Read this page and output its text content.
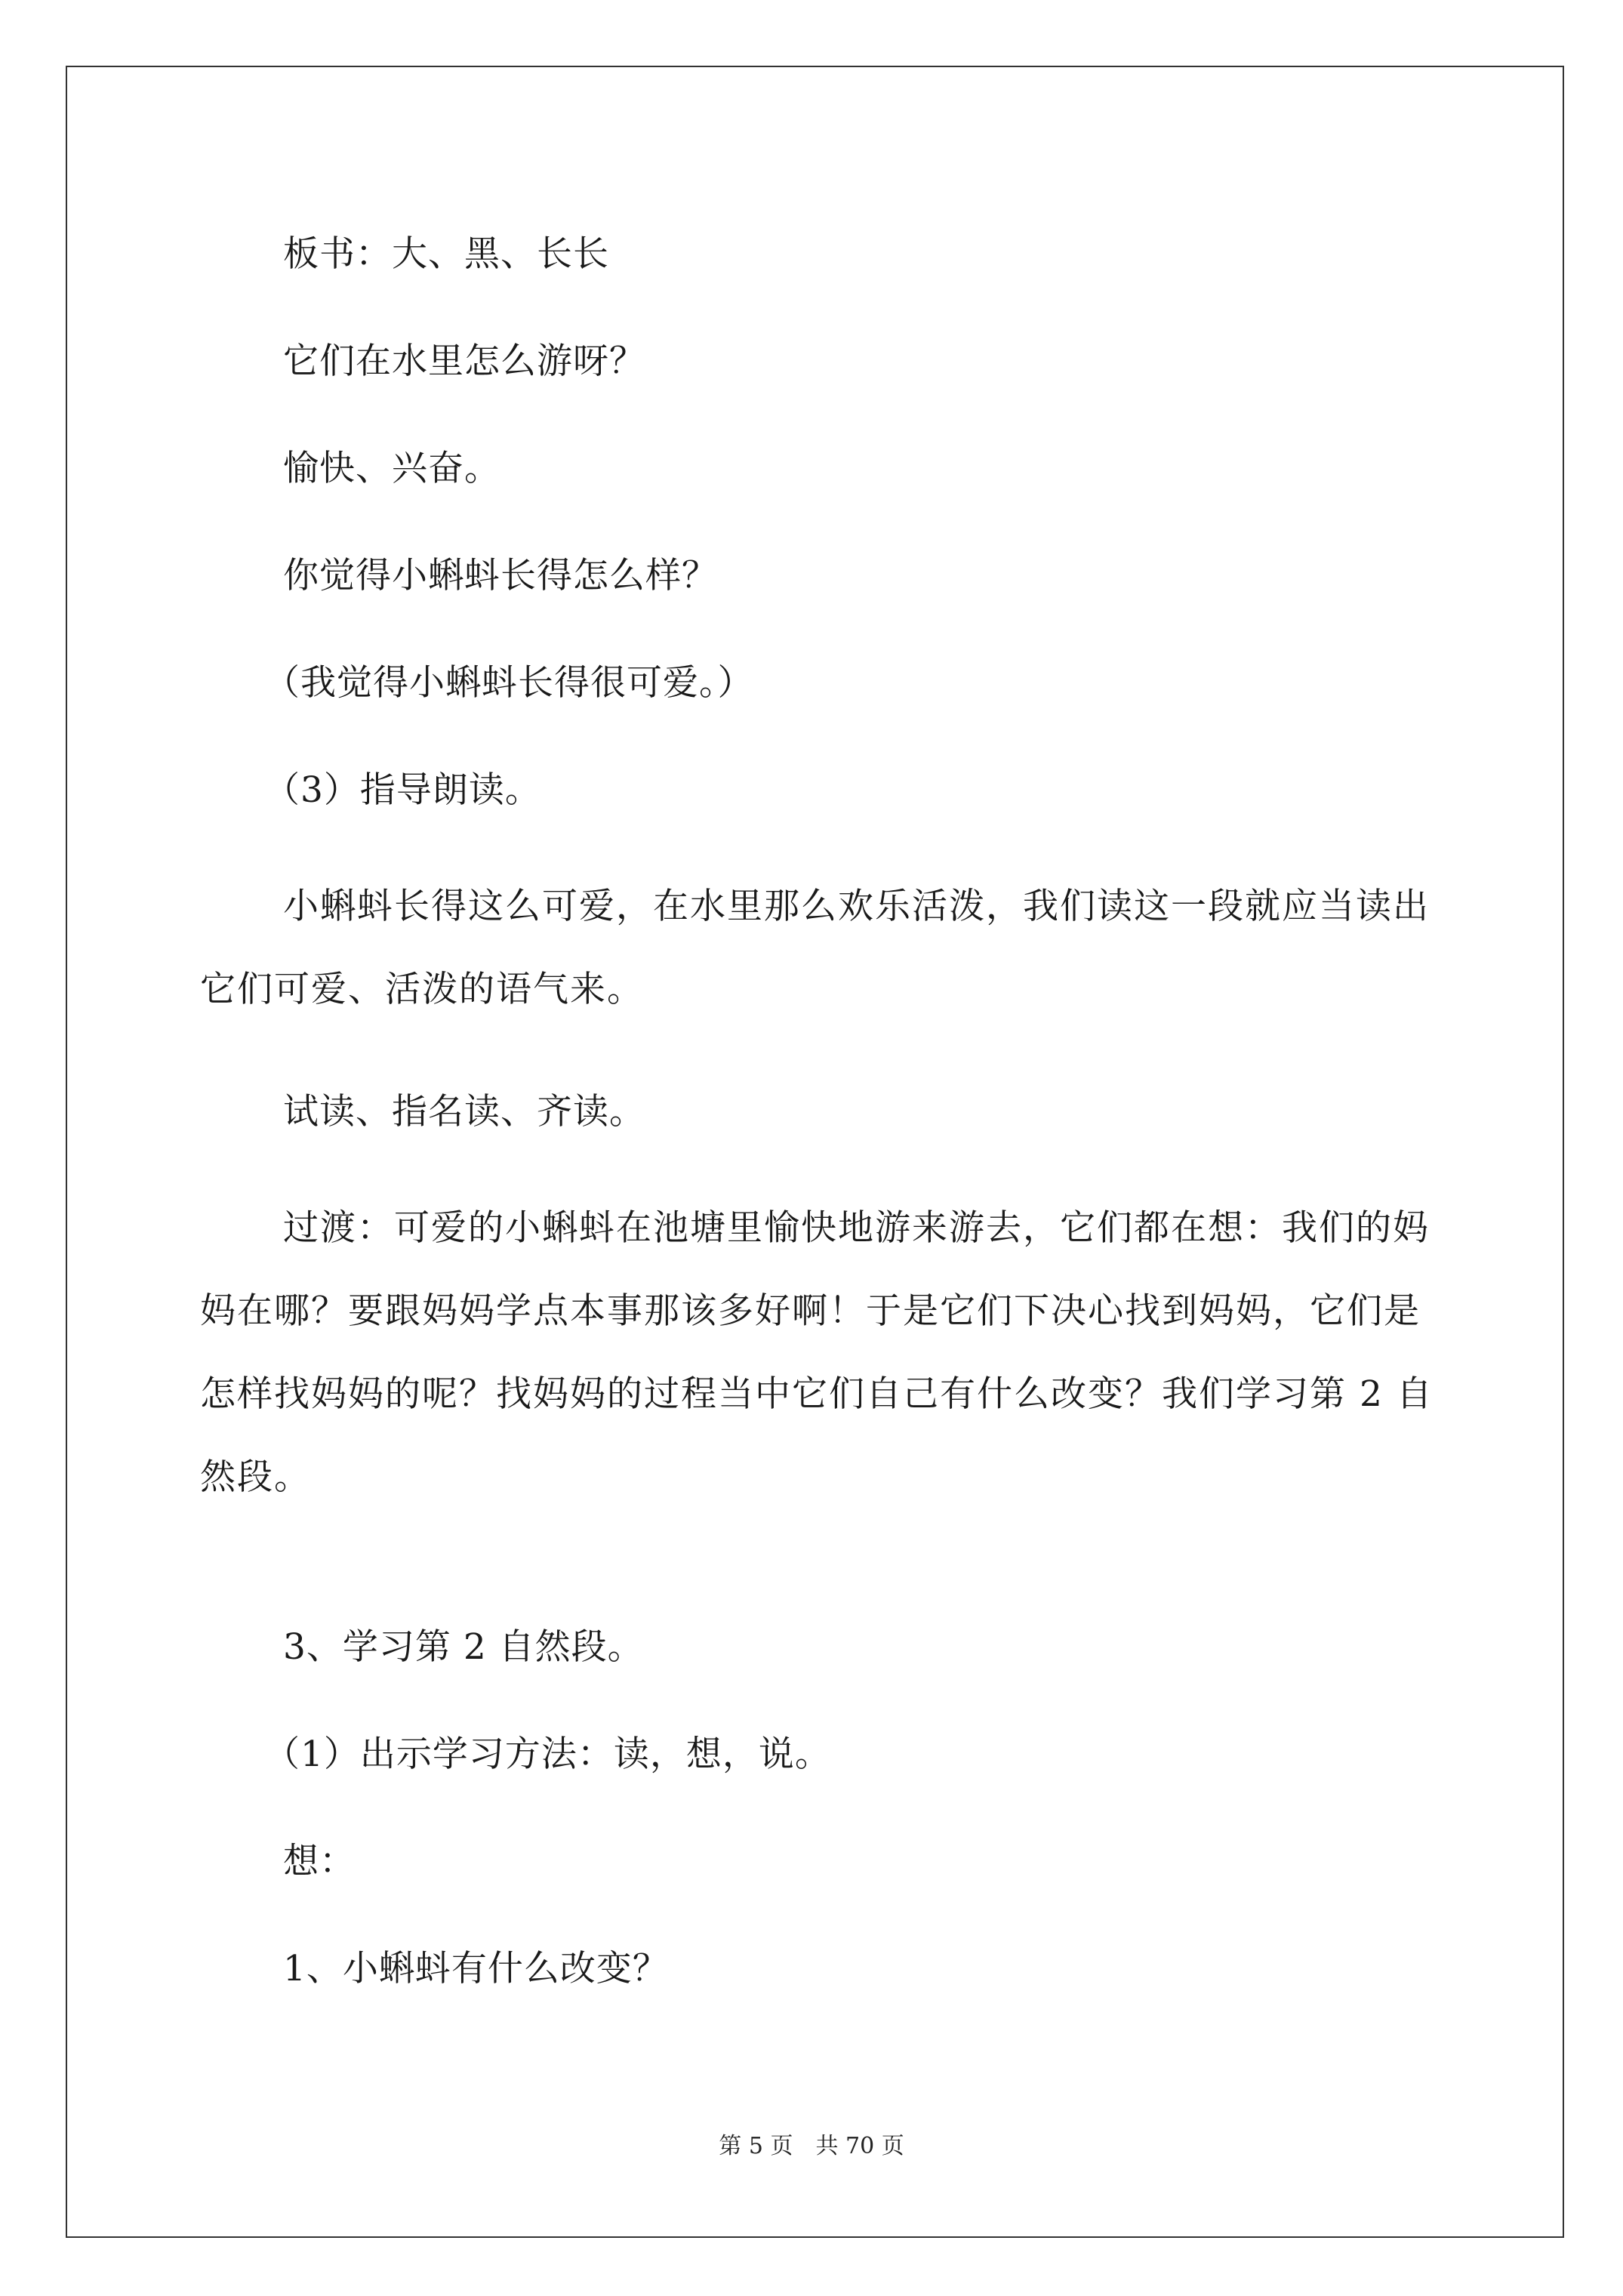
板书：大、黑、长长
它们在水里怎么游呀？
愉快、兴奋。
你觉得小蝌蚪长得怎么样？
（我觉得小蝌蚪长得很可爱。）
（3）指导朗读。
小蝌蚪长得这么可爱，在水里那么欢乐活泼，我们读这一段就应当读出它们可爱、活泼的语气来。
试读、指名读、齐读。
过渡：可爱的小蝌蚪在池塘里愉快地游来游去，它们都在想：我们的妈妈在哪？要跟妈妈学点本事那该多好啊！于是它们下决心找到妈妈，它们是怎样找妈妈的呢？找妈妈的过程当中它们自己有什么改变？我们学习第 2 自然段。
3、学习第 2 自然段。
（1）出示学习方法：读，想，说。
想：
1、小蝌蚪有什么改变？
第 5 页　共 70 页
